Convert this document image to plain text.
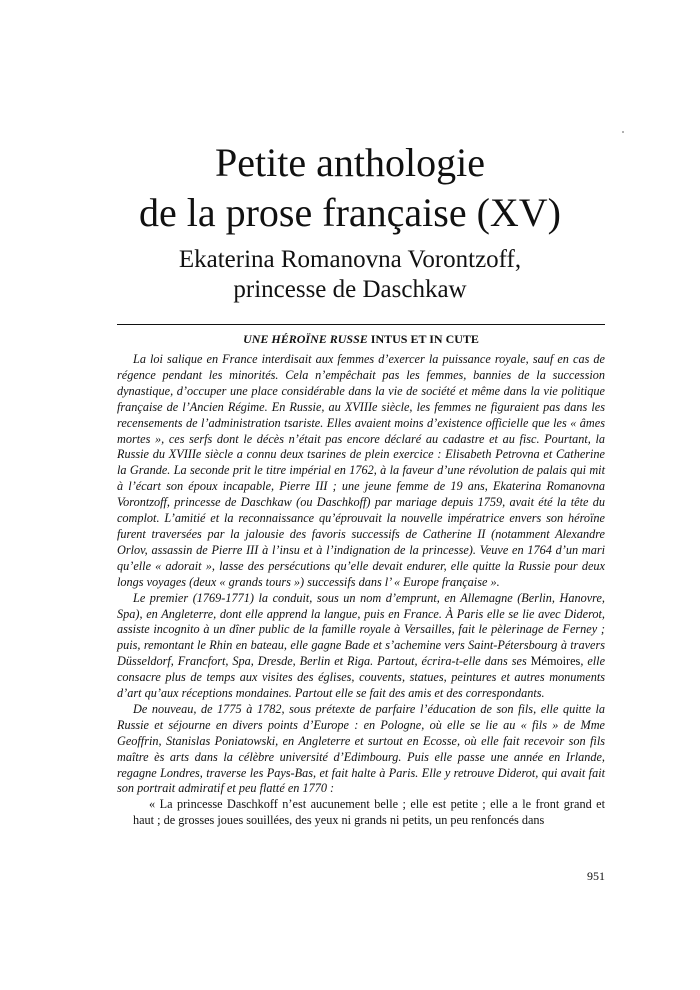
Petite anthologie
de la prose française (XV)
Ekaterina Romanovna Vorontzoff,
princesse de Daschkaw
UNE HÉROÏNE RUSSE INTUS ET IN CUTE

La loi salique en France interdisait aux femmes d’exercer la puissance royale, sauf en cas de régence pendant les minorités. Cela n’empêchait pas les femmes, bannies de la succession dynastique, d’occuper une place considérable dans la vie de société et même dans la vie politique française de l’Ancien Régime. En Russie, au XVIIIe siècle, les femmes ne figuraient pas dans les recensements de l’administration tsariste. Elles avaient moins d’existence officielle que les « âmes mortes », ces serfs dont le décès n’était pas encore déclaré au cadastre et au fisc. Pourtant, la Russie du XVIIIe siècle a connu deux tsarines de plein exercice : Elisabeth Petrovna et Catherine la Grande. La seconde prit le titre impérial en 1762, à la faveur d’une révolution de palais qui mit à l’écart son époux incapable, Pierre III ; une jeune femme de 19 ans, Ekaterina Romanovna Vorontzoff, princesse de Daschkaw (ou Daschkoff) par mariage depuis 1759, avait été la tête du complot. L’amitié et la reconnaissance qu’éprouvait la nouvelle impératrice envers son héroïne furent traversées par la jalousie des favoris successifs de Catherine II (notamment Alexandre Orlov, assassin de Pierre III à l’insu et à l’indignation de la princesse). Veuve en 1764 d’un mari qu’elle « adorait », lasse des persécutions qu’elle devait endurer, elle quitte la Russie pour deux longs voyages (deux « grands tours ») successifs dans l’ « Europe française ».

Le premier (1769-1771) la conduit, sous un nom d’emprunt, en Allemagne (Berlin, Hanovre, Spa), en Angleterre, dont elle apprend la langue, puis en France. À Paris elle se lie avec Diderot, assiste incognito à un dîner public de la famille royale à Versailles, fait le pèlerinage de Ferney ; puis, remontant le Rhin en bateau, elle gagne Bade et s’achemine vers Saint-Pétersbourg à travers Düsseldorf, Francfort, Spa, Dresde, Berlin et Riga. Partout, écrira-t-elle dans ses Mémoires, elle consacre plus de temps aux visites des églises, couvents, statues, peintures et autres monuments d’art qu’aux réceptions mondaines. Partout elle se fait des amis et des correspondants.

De nouveau, de 1775 à 1782, sous prétexte de parfaire l’éducation de son fils, elle quitte la Russie et séjourne en divers points d’Europe : en Pologne, où elle se lie au « fils » de Mme Geoffrin, Stanislas Poniatowski, en Angleterre et surtout en Ecosse, où elle fait recevoir son fils maître ès arts dans la célèbre université d’Edimbourg. Puis elle passe une année en Irlande, regagne Londres, traverse les Pays-Bas, et fait halte à Paris. Elle y retrouve Diderot, qui avait fait son portrait admiratif et peu flatté en 1770 :

« La princesse Daschkoff n’est aucunement belle ; elle est petite ; elle a le front grand et haut ; de grosses joues souillées, des yeux ni grands ni petits, un peu renfoncés dans

951
